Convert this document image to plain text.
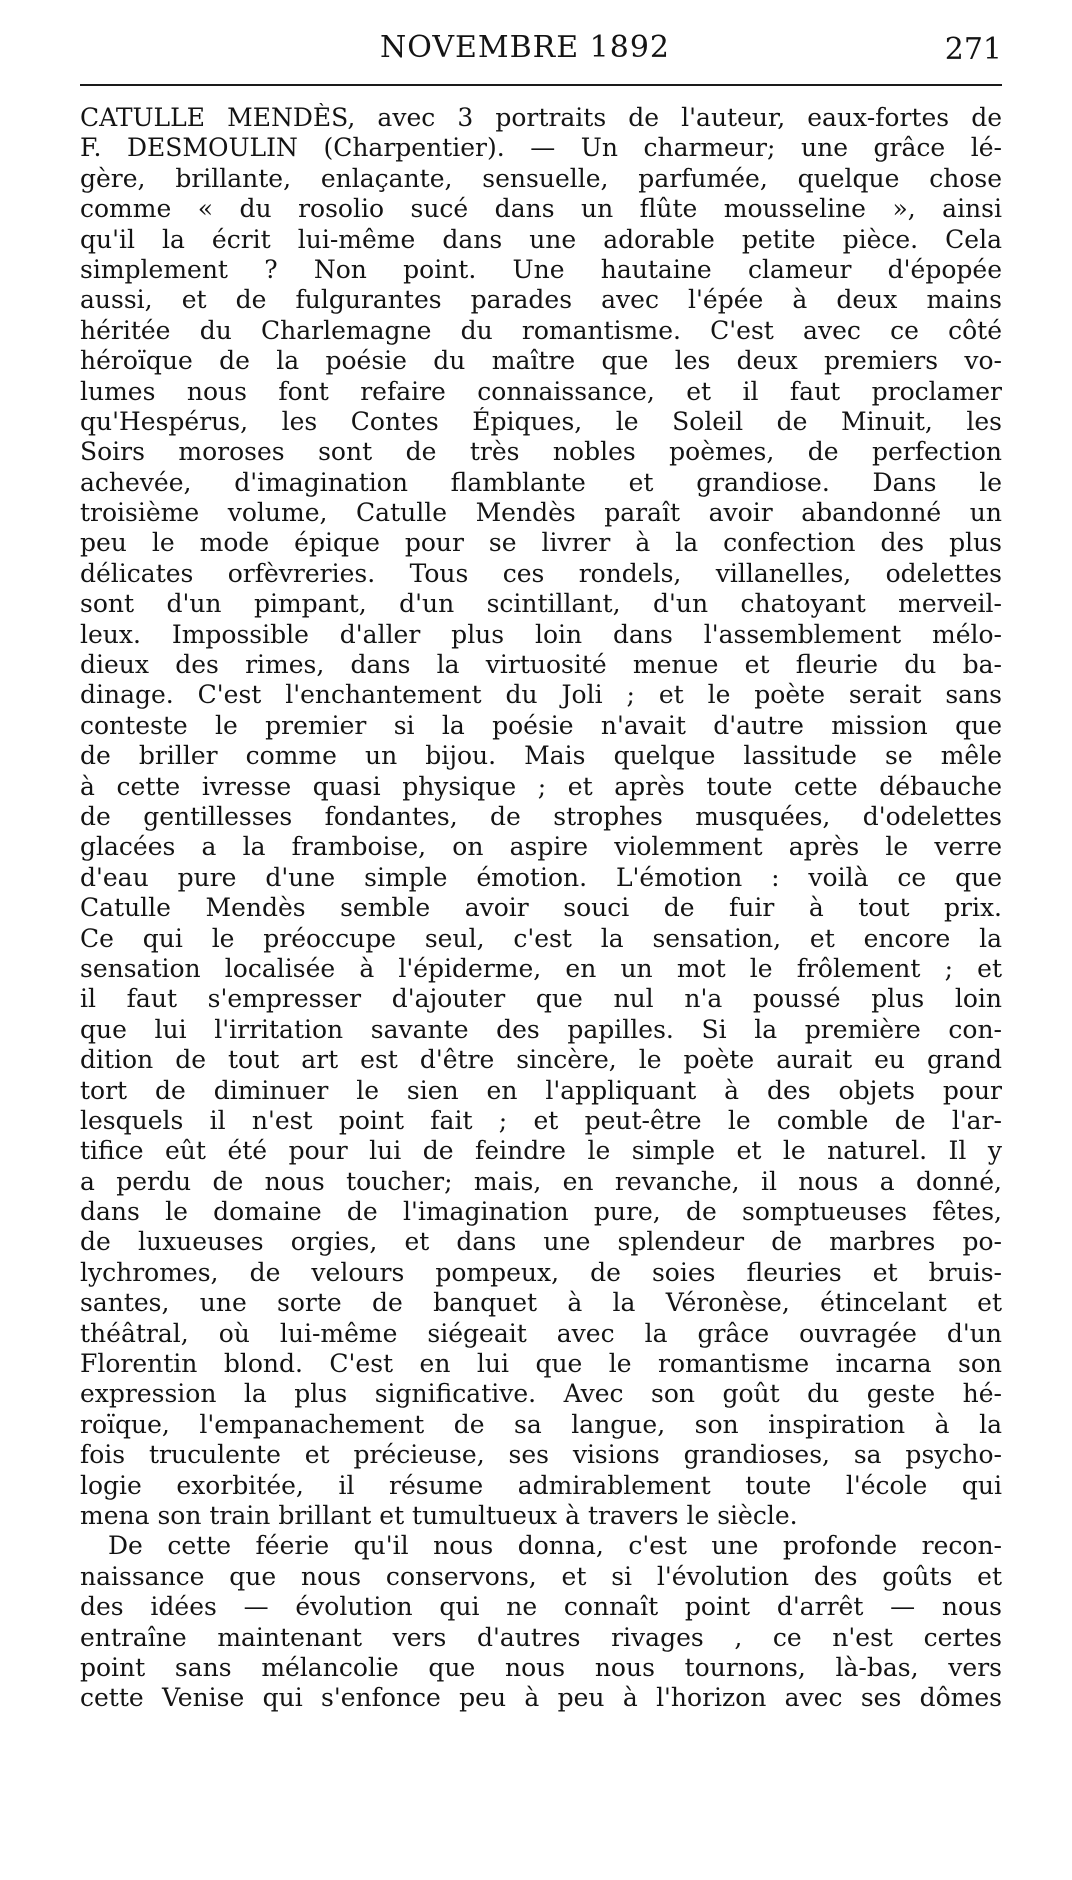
NOVEMBRE 1892	271
CATULLE MENDÈS, avec 3 portraits de l'auteur, eaux-fortes de
F. DESMOULIN (Charpentier). — Un charmeur; une grâce lé-
gère, brillante, enlaçante, sensuelle, parfumée, quelque chose
comme « du rosolio sucé dans un flûte mousseline », ainsi
qu'il la écrit lui-même dans une adorable petite pièce. Cela
simplement ? Non point. Une hautaine clameur d'épopée
aussi, et de fulgurantes parades avec l'épée à deux mains
héritée du Charlemagne du romantisme. C'est avec ce côté
héroïque de la poésie du maître que les deux premiers vo-
lumes nous font refaire connaissance, et il faut proclamer
qu'Hespérus, les Contes Épiques, le Soleil de Minuit, les
Soirs moroses sont de très nobles poèmes, de perfection
achevée, d'imagination flamblante et grandiose. Dans le
troisième volume, Catulle Mendès paraît avoir abandonné un
peu le mode épique pour se livrer à la confection des plus
délicates orfèvreries. Tous ces rondels, villanelles, odelettes
sont d'un pimpant, d'un scintillant, d'un chatoyant merveil-
leux. Impossible d'aller plus loin dans l'assemblement mélo-
dieux des rimes, dans la virtuosité menue et fleurie du ba-
dinage. C'est l'enchantement du Joli ; et le poète serait sans
conteste le premier si la poésie n'avait d'autre mission que
de briller comme un bijou. Mais quelque lassitude se mêle
à cette ivresse quasi physique ; et après toute cette débauche
de gentillesses fondantes, de strophes musquées, d'odelettes
glacées a la framboise, on aspire violemment après le verre
d'eau pure d'une simple émotion. L'émotion : voilà ce que
Catulle Mendès semble avoir souci de fuir à tout prix.
Ce qui le préoccupe seul, c'est la sensation, et encore la
sensation localisée à l'épiderme, en un mot le frôlement ; et
il faut s'empresser d'ajouter que nul n'a poussé plus loin
que lui l'irritation savante des papilles. Si la première con-
dition de tout art est d'être sincère, le poète aurait eu grand
tort de diminuer le sien en l'appliquant à des objets pour
lesquels il n'est point fait ; et peut-être le comble de l'ar-
tifice eût été pour lui de feindre le simple et le naturel. Il y
a perdu de nous toucher; mais, en revanche, il nous a donné,
dans le domaine de l'imagination pure, de somptueuses fêtes,
de luxueuses orgies, et dans une splendeur de marbres po-
lychromes, de velours pompeux, de soies fleuries et bruis-
santes, une sorte de banquet à la Véronèse, étincelant et
théâtral, où lui-même siégeait avec la grâce ouvragée d'un
Florentin blond. C'est en lui que le romantisme incarna son
expression la plus significative. Avec son goût du geste hé-
roïque, l'empanachement de sa langue, son inspiration à la
fois truculente et précieuse, ses visions grandioses, sa psycho-
logie exorbitée, il résume admirablement toute l'école qui
mena son train brillant et tumultueux à travers le siècle.
De cette féerie qu'il nous donna, c'est une profonde recon-
naissance que nous conservons, et si l'évolution des goûts et
des idées — évolution qui ne connaît point d'arrêt — nous
entraîne maintenant vers d'autres rivages , ce n'est certes
point sans mélancolie que nous nous tournons, là-bas, vers
cette Venise qui s'enfonce peu à peu à l'horizon avec ses dômes
